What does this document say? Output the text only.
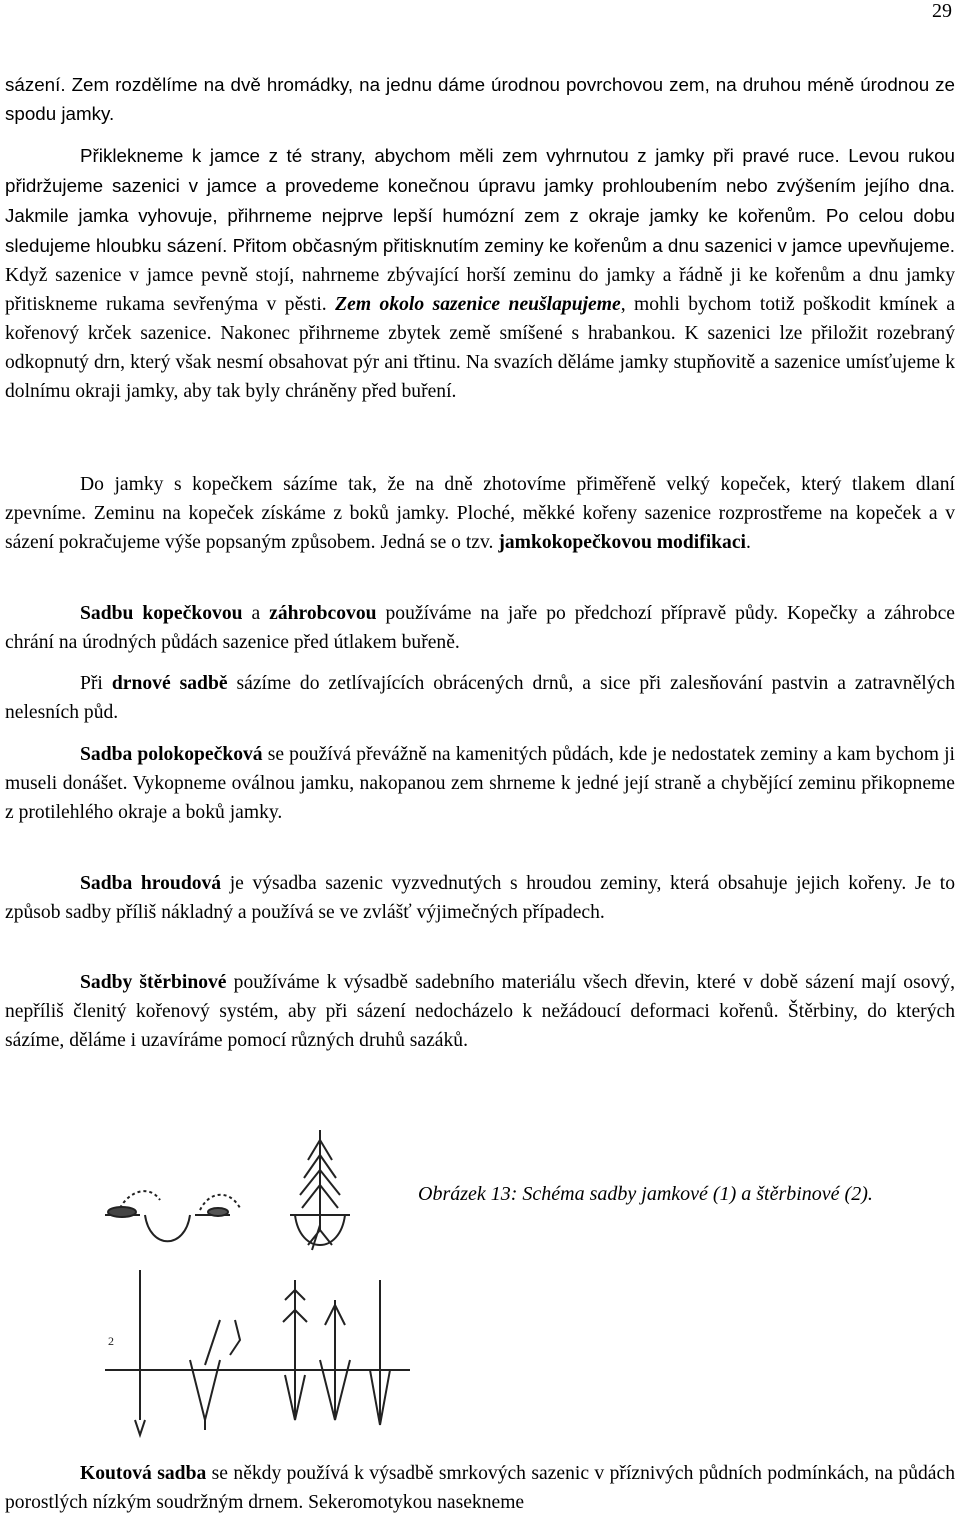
29

sázení. Zem rozdělíme na dvě hromádky, na jednu dáme úrodnou povrchovou zem, na druhou méně úrodnou ze spodu jamky.

Přiklekneme k jamce z té strany, abychom měli zem vyhrnutou z jamky při pravé ruce. Levou rukou přidržujeme sazenici v jamce a provedeme konečnou úpravu jamky prohloubením nebo zvýšením jejího dna. Jakmile jamka vyhovuje, přihrneme nejprve lepší humózní zem z okraje jamky ke kořenům. Po celou dobu sledujeme hloubku sázení. Přitom občasným přitisknutím zeminy ke kořenům a dnu sazenici v jamce upevňujeme. Když sazenice v jamce pevně stojí, nahrneme zbývající horší zeminu do jamky a řádně ji ke kořenům a dnu jamky přitiskneme rukama sevřenýma v pěsti. Zem okolo sazenice neušlapujeme, mohli bychom totiž poškodit kmínek a kořenový krček sazenice. Nakonec přihrneme zbytek země smíšené s hrabankou. K sazenici lze přiložit rozebraný odkopnutý drn, který však nesmí obsahovat pýr ani třtinu. Na svazích děláme jamky stupňovitě a sazenice umísťujeme k dolnímu okraji jamky, aby tak byly chráněny před buření.

Do jamky s kopečkem sázíme tak, že na dně zhotovíme přiměřeně velký kopeček, který tlakem dlaní zpevníme. Zeminu na kopeček získáme z boků jamky. Ploché, měkké kořeny sazenice rozprostřeme na kopeček a v sázení pokračujeme výše popsaným způsobem. Jedná se o tzv. jamkokopečkovou modifikaci.

Sadbu kopečkovou a záhrobcovou používáme na jaře po předchozí přípravě půdy. Kopečky a záhrobce chrání na úrodných půdách sazenice před útlakem buřeně.

Při drnové sadbě sázíme do zetlívajících obrácených drnů, a sice při zalesňování pastvin a zatravnělých nelesních půd.

Sadba polokopečková se používá převážně na kamenitých půdách, kde je nedostatek zeminy a kam bychom ji museli donášet. Vykopneme oválnou jamku, nakopanou zem shrneme k jedné její straně a chybějící zeminu přikopneme z protilehlého okraje a boků jamky.

Sadba hroudová je výsadba sazenic vyzvednutých s hroudou zeminy, která obsahuje jejich kořeny. Je to způsob sadby příliš nákladný a používá se ve zvlášť výjimečných případech.

Sadby štěrbinové používáme k výsadbě sadebního materiálu všech dřevin, které v době sázení mají osový, nepříliš členitý kořenový systém, aby při sázení nedocházelo k nežádoucí deformaci kořenů. Štěrbiny, do kterých sázíme, děláme i uzavíráme pomocí různých druhů sazáků.

2
Obrázek 13: Schéma sadby jamkové (1) a štěrbinové (2).

Koutová sadba se někdy používá k výsadbě smrkových sazenic v příznivých půdních podmínkách, na půdách porostlých nízkým soudržným drnem. Sekeromotykou nasekneme
